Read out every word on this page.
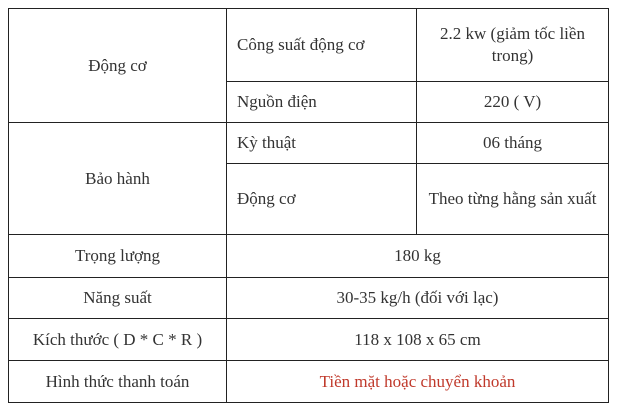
Động cơ	Công suất động cơ	2.2 kw (giảm tốc liền trong)
	Nguồn điện	220 ( V)
Bảo hành	Kỳ thuật	06 tháng
	Động cơ	Theo từng hằng sản xuất
Trọng lượng	180 kg	
Năng suất	30-35 kg/h (đối với lạc)	
Kích thước ( D * C * R )	118 x 108 x 65 cm	
Hình thức thanh toán	Tiền mặt hoặc chuyển khoản	
